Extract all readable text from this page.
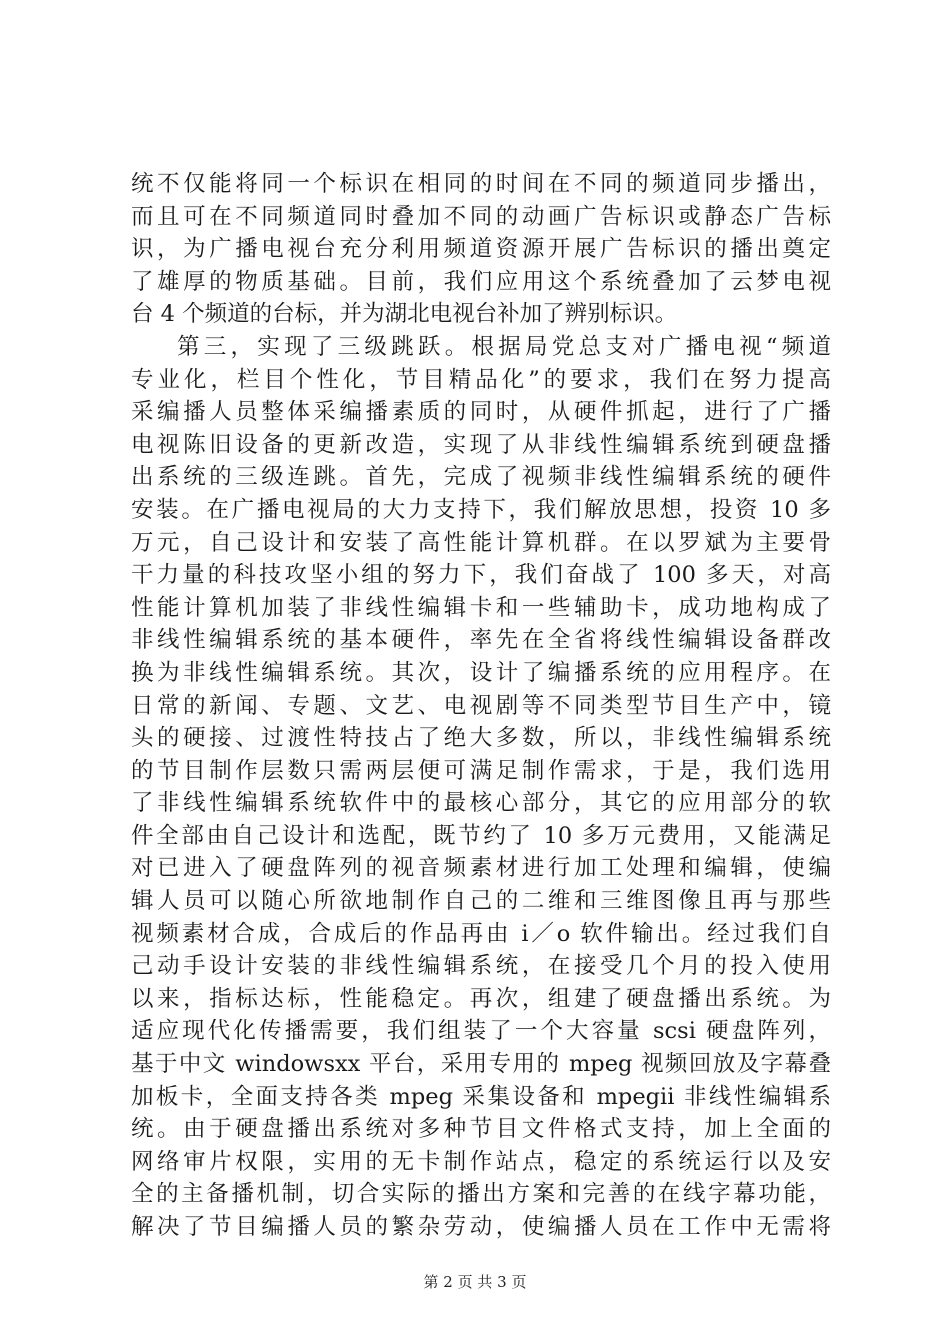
统不仅能将同一个标识在相同的时间在不同的频道同步播出，
而且可在不同频道同时叠加不同的动画广告标识或静态广告标
识，为广播电视台充分利用频道资源开展广告标识的播出奠定
了雄厚的物质基础。目前，我们应用这个系统叠加了云梦电视
台 4 个频道的台标，并为湖北电视台补加了辨别标识。
第三，实现了三级跳跃。根据局党总支对广播电视“频道
专业化，栏目个性化，节目精品化”的要求，我们在努力提高
采编播人员整体采编播素质的同时，从硬件抓起，进行了广播
电视陈旧设备的更新改造，实现了从非线性编辑系统到硬盘播
出系统的三级连跳。首先，完成了视频非线性编辑系统的硬件
安装。在广播电视局的大力支持下，我们解放思想，投资 10 多
万元，自己设计和安装了高性能计算机群。在以罗斌为主要骨
干力量的科技攻坚小组的努力下，我们奋战了 100 多天，对高
性能计算机加装了非线性编辑卡和一些辅助卡，成功地构成了
非线性编辑系统的基本硬件，率先在全省将线性编辑设备群改
换为非线性编辑系统。其次，设计了编播系统的应用程序。在
日常的新闻、专题、文艺、电视剧等不同类型节目生产中，镜
头的硬接、过渡性特技占了绝大多数，所以，非线性编辑系统
的节目制作层数只需两层便可满足制作需求，于是，我们选用
了非线性编辑系统软件中的最核心部分，其它的应用部分的软
件全部由自己设计和选配，既节约了 10 多万元费用，又能满足
对已进入了硬盘阵列的视音频素材进行加工处理和编辑，使编
辑人员可以随心所欲地制作自己的二维和三维图像且再与那些
视频素材合成，合成后的作品再由 i／o 软件输出。经过我们自
己动手设计安装的非线性编辑系统，在接受几个月的投入使用
以来，指标达标，性能稳定。再次，组建了硬盘播出系统。为
适应现代化传播需要，我们组装了一个大容量 scsi 硬盘阵列，
基于中文 windowsxx 平台，采用专用的 mpeg 视频回放及字幕叠
加板卡，全面支持各类 mpeg 采集设备和 mpegii 非线性编辑系
统。由于硬盘播出系统对多种节目文件格式支持，加上全面的
网络审片权限，实用的无卡制作站点，稳定的系统运行以及安
全的主备播机制，切合实际的播出方案和完善的在线字幕功能，
解决了节目编播人员的繁杂劳动，使编播人员在工作中无需将
第 2 页 共 3 页
